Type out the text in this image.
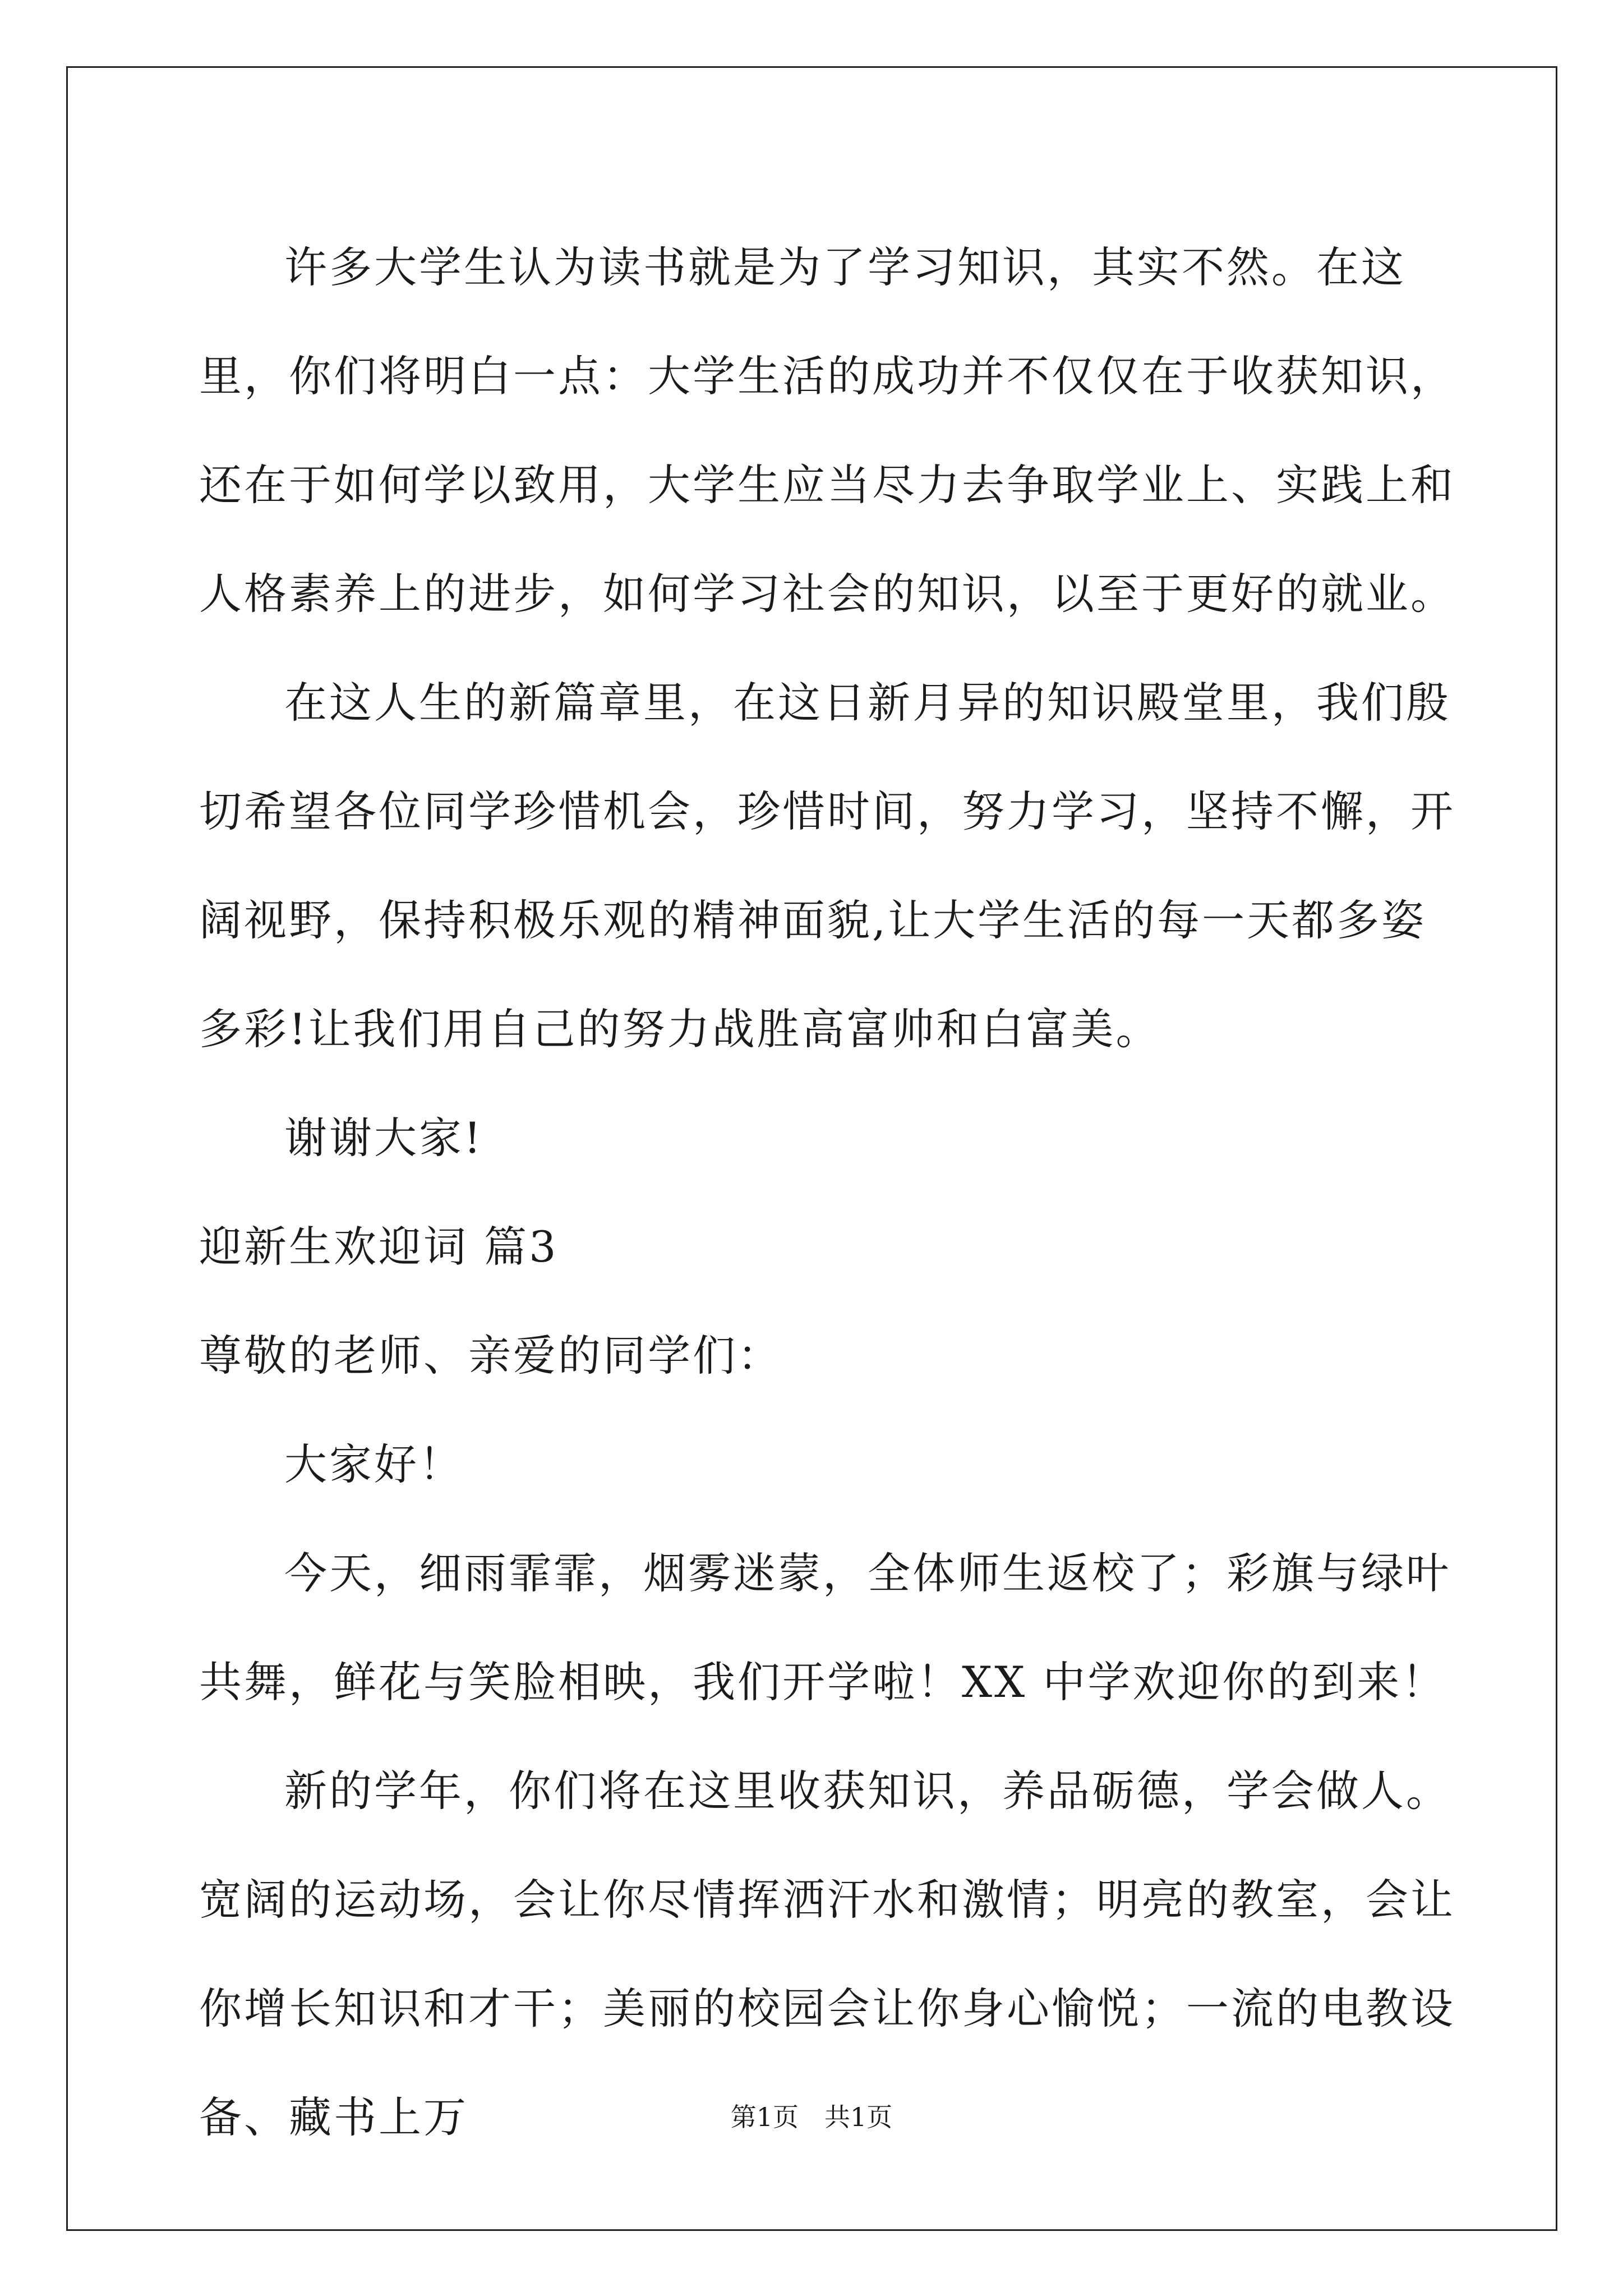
许多大学生认为读书就是为了学习知识，其实不然。在这里，你们将明白一点：大学生活的成功并不仅仅在于收获知识，还在于如何学以致用，大学生应当尽力去争取学业上、实践上和人格素养上的进步，如何学习社会的知识，以至于更好的就业。

在这人生的新篇章里，在这日新月异的知识殿堂里，我们殷切希望各位同学珍惜机会，珍惜时间，努力学习，坚持不懈，开阔视野，保持积极乐观的精神面貌,让大学生活的每一天都多姿多彩!让我们用自己的努力战胜高富帅和白富美。

谢谢大家!

迎新生欢迎词 篇3

尊敬的老师、亲爱的同学们：

大家好！

今天，细雨霏霏，烟雾迷蒙，全体师生返校了；彩旗与绿叶共舞，鲜花与笑脸相映，我们开学啦！XX 中学欢迎你的到来！

新的学年，你们将在这里收获知识，养品砺德，学会做人。宽阔的运动场，会让你尽情挥洒汗水和激情；明亮的教室，会让你增长知识和才干；美丽的校园会让你身心愉悦；一流的电教设备、藏书上万	第1页　共1页
